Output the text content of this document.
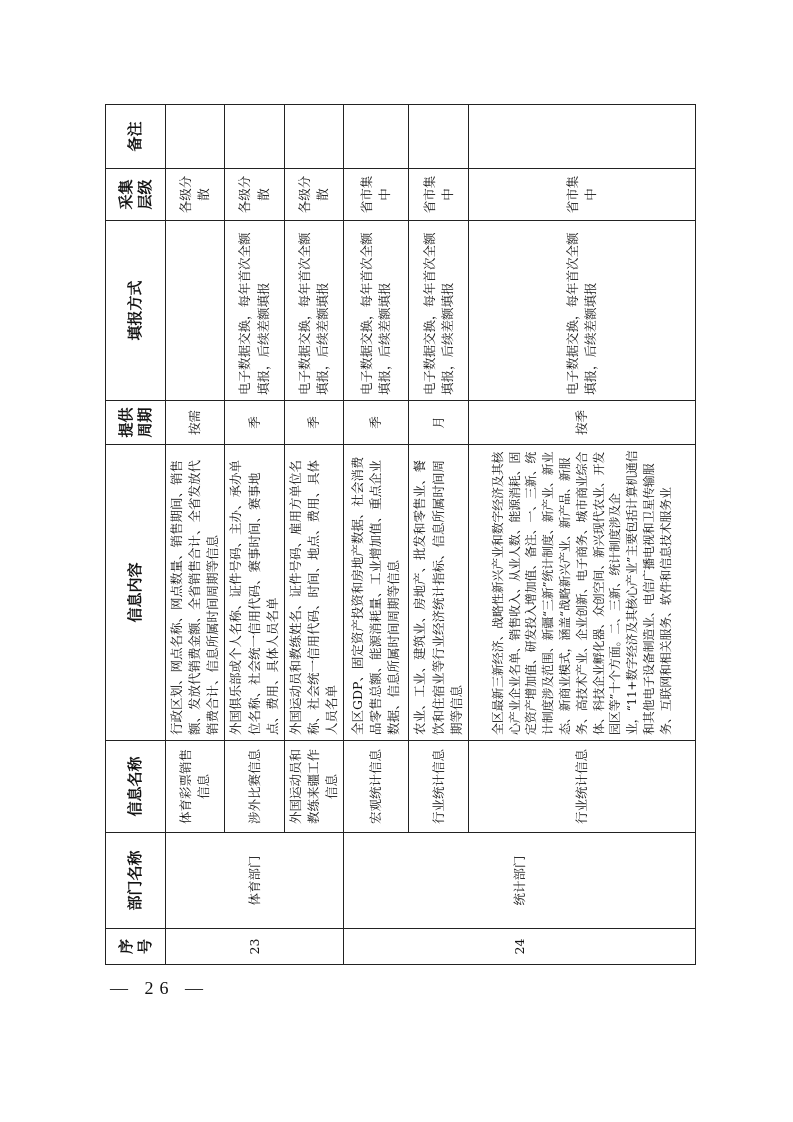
— 26 —
序号	部门名称	信息名称	信息内容	提供周期	填报方式	采集层级	备注
23	体育部门	体育彩票销售信息	行政区划、网点名称、网点数量、销售期间、销售额、发放代销费金额、全省销售合计、全省发放代销费合计、信息所属时间周期等信息	按需		各级分散	
		涉外比赛信息	外国俱乐部或个人名称、证件号码、主办、承办单位名称、社会统一信用代码、赛事时间、赛事地点、费用、具体人员名单	季	电子数据交换，每年首次全额填报，后续差额填报	各级分散	
		外国运动员和教练来疆工作信息	外国运动员和教练姓名、证件号码、雇用方单位名称、社会统一信用代码、时间、地点、费用、具体人员名单	季	电子数据交换，每年首次全额填报，后续差额填报	各级分散	
24	统计部门	宏观统计信息	全区GDP、固定资产投资和房地产数据、社会消费品零售总额、能源消耗量、工业增加值、重点企业数据、信息所属时间周期等信息	季	电子数据交换，每年首次全额填报，后续差额填报	省市集中	
		行业统计信息	农业、工业、建筑业、房地产、批发和零售业、餐饮和住宿业等行业经济统计指标、信息所属时间周期等信息	月	电子数据交换，每年首次全额填报，后续差额填报	省市集中	
		行业统计信息	全区最新三新经济、战略性新兴产业和数字经济及其核心产业企业名单、销售收入、从业人数、能源消耗、固定资产增加值、研发投入增加值、备注、一、三新、统计制度涉及范围、新疆“三新”统计制度、新产业、新业态、新商业模式，涵盖“战略新兴产业、新产品、新服务、高技术产业、企业创新、电子商务、城市商业综合体、科技企业孵化器、众创空间、新兴现代农业、开发园区等”十个方面。二、三新、统计制度涉及企业，“11+数字经济及其核心产业”主要包括计算机通信和其他电子设备制造业、电信广播电视和卫星传输服务、互联网和相关服务、软件和信息技术服务业	按季	电子数据交换，每年首次全额填报，后续差额填报	省市集中	
